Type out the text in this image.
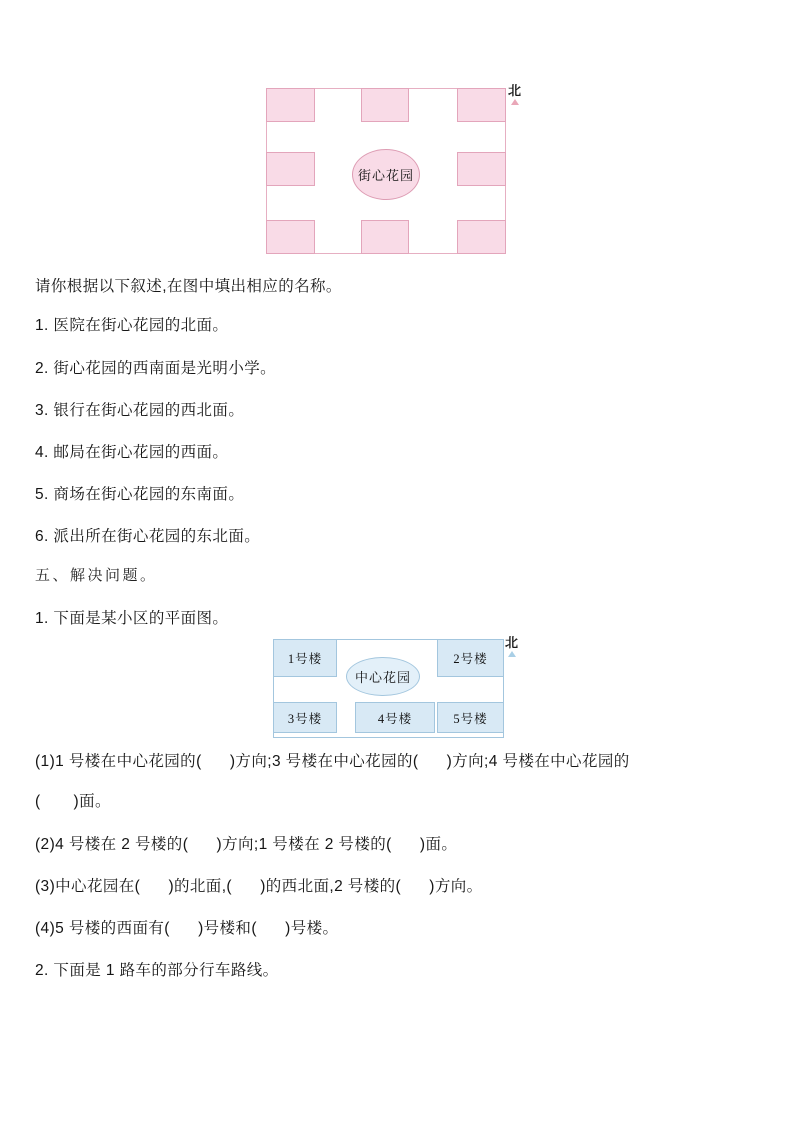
街心花园
北
请你根据以下叙述,在图中填出相应的名称。
1. 医院在街心花园的北面。
2. 街心花园的西南面是光明小学。
3. 银行在街心花园的西北面。
4. 邮局在街心花园的西面。
5. 商场在街心花园的东南面。
6. 派出所在街心花园的东北面。
五、解决问题。
1. 下面是某小区的平面图。
1号楼	2号楼
3号楼	4号楼	5号楼
中心花园
北
(1)1 号楼在中心花园的(      )方向;3 号楼在中心花园的(      )方向;4 号楼在中心花园的
(       )面。
(2)4 号楼在 2 号楼的(      )方向;1 号楼在 2 号楼的(      )面。
(3)中心花园在(      )的北面,(      )的西北面,2 号楼的(      )方向。
(4)5 号楼的西面有(      )号楼和(      )号楼。
2. 下面是 1 路车的部分行车路线。
